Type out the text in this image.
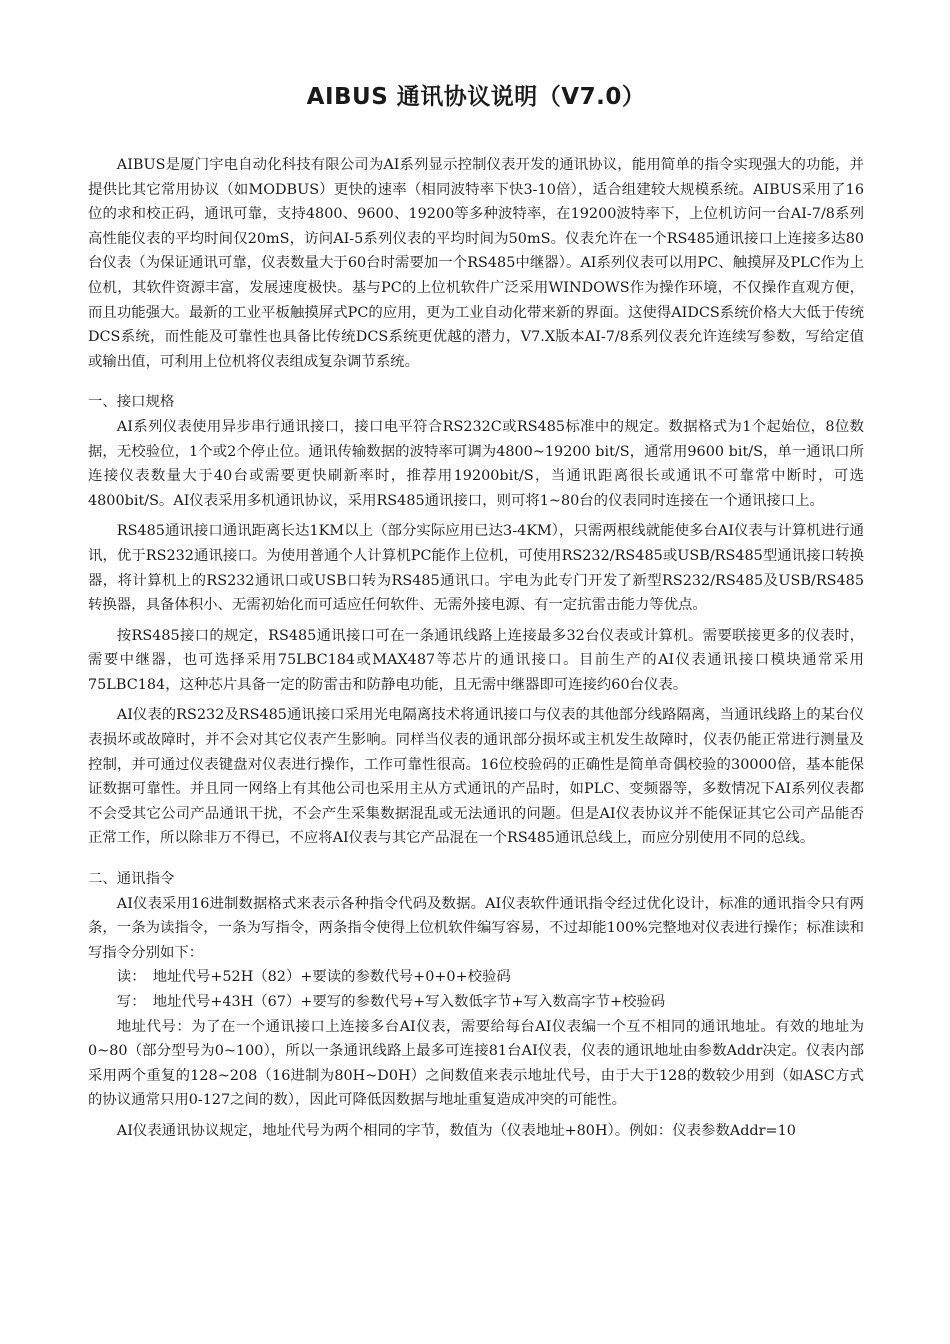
AIBUS 通讯协议说明（V7.0）

AIBUS是厦门宇电自动化科技有限公司为AI系列显示控制仪表开发的通讯协议，能用简单的指令实现强大的功能，并提供比其它常用协议（如MODBUS）更快的速率（相同波特率下快3-10倍），适合组建较大规模系统。AIBUS采用了16位的求和校正码，通讯可靠，支持4800、9600、19200等多种波特率，在19200波特率下，上位机访问一台AI-7/8系列高性能仪表的平均时间仅20mS，访问AI-5系列仪表的平均时间为50mS。仪表允许在一个RS485通讯接口上连接多达80台仪表（为保证通讯可靠，仪表数量大于60台时需要加一个RS485中继器）。AI系列仪表可以用PC、触摸屏及PLC作为上位机，其软件资源丰富，发展速度极快。基与PC的上位机软件广泛采用WINDOWS作为操作环境，不仅操作直观方便，而且功能强大。最新的工业平板触摸屏式PC的应用，更为工业自动化带来新的界面。这使得AIDCS系统价格大大低于传统DCS系统，而性能及可靠性也具备比传统DCS系统更优越的潜力，V7.X版本AI-7/8系列仪表允许连续写参数，写给定值或输出值，可利用上位机将仪表组成复杂调节系统。

一、接口规格

AI系列仪表使用异步串行通讯接口，接口电平符合RS232C或RS485标准中的规定。数据格式为1个起始位，8位数据，无校验位，1个或2个停止位。通讯传输数据的波特率可调为4800~19200 bit/S，通常用9600 bit/S，单一通讯口所连接仪表数量大于40台或需要更快刷新率时，推荐用19200bit/S，当通讯距离很长或通讯不可靠常中断时，可选4800bit/S。AI仪表采用多机通讯协议，采用RS485通讯接口，则可将1~80台的仪表同时连接在一个通讯接口上。

RS485通讯接口通讯距离长达1KM以上（部分实际应用已达3-4KM），只需两根线就能使多台AI仪表与计算机进行通讯，优于RS232通讯接口。为使用普通个人计算机PC能作上位机，可使用RS232/RS485或USB/RS485型通讯接口转换器，将计算机上的RS232通讯口或USB口转为RS485通讯口。宇电为此专门开发了新型RS232/RS485及USB/RS485转换器，具备体积小、无需初始化而可适应任何软件、无需外接电源、有一定抗雷击能力等优点。

按RS485接口的规定，RS485通讯接口可在一条通讯线路上连接最多32台仪表或计算机。需要联接更多的仪表时，需要中继器，也可选择采用75LBC184或MAX487等芯片的通讯接口。目前生产的AI仪表通讯接口模块通常采用75LBC184，这种芯片具备一定的防雷击和防静电功能，且无需中继器即可连接约60台仪表。

AI仪表的RS232及RS485通讯接口采用光电隔离技术将通讯接口与仪表的其他部分线路隔离，当通讯线路上的某台仪表损坏或故障时，并不会对其它仪表产生影响。同样当仪表的通讯部分损坏或主机发生故障时，仪表仍能正常进行测量及控制，并可通过仪表键盘对仪表进行操作，工作可靠性很高。16位校验码的正确性是简单奇偶校验的30000倍，基本能保证数据可靠性。并且同一网络上有其他公司也采用主从方式通讯的产品时，如PLC、变频器等，多数情况下AI系列仪表都不会受其它公司产品通讯干扰，不会产生采集数据混乱或无法通讯的问题。但是AI仪表协议并不能保证其它公司产品能否正常工作，所以除非万不得已，不应将AI仪表与其它产品混在一个RS485通讯总线上，而应分别使用不同的总线。

二、通讯指令

AI仪表采用16进制数据格式来表示各种指令代码及数据。AI仪表软件通讯指令经过优化设计，标准的通讯指令只有两条，一条为读指令，一条为写指令，两条指令使得上位机软件编写容易，不过却能100%完整地对仪表进行操作；标准读和写指令分别如下：

读：　地址代号+52H（82）+要读的参数代号+0+0+校验码

写：　地址代号+43H（67）+要写的参数代号+写入数低字节+写入数高字节+校验码

地址代号：为了在一个通讯接口上连接多台AI仪表，需要给每台AI仪表编一个互不相同的通讯地址。有效的地址为0~80（部分型号为0~100），所以一条通讯线路上最多可连接81台AI仪表，仪表的通讯地址由参数Addr决定。仪表内部采用两个重复的128~208（16进制为80H~D0H）之间数值来表示地址代号，由于大于128的数较少用到（如ASC方式的协议通常只用0-127之间的数），因此可降低因数据与地址重复造成冲突的可能性。

AI仪表通讯协议规定，地址代号为两个相同的字节，数值为（仪表地址+80H）。例如：仪表参数Addr=10
